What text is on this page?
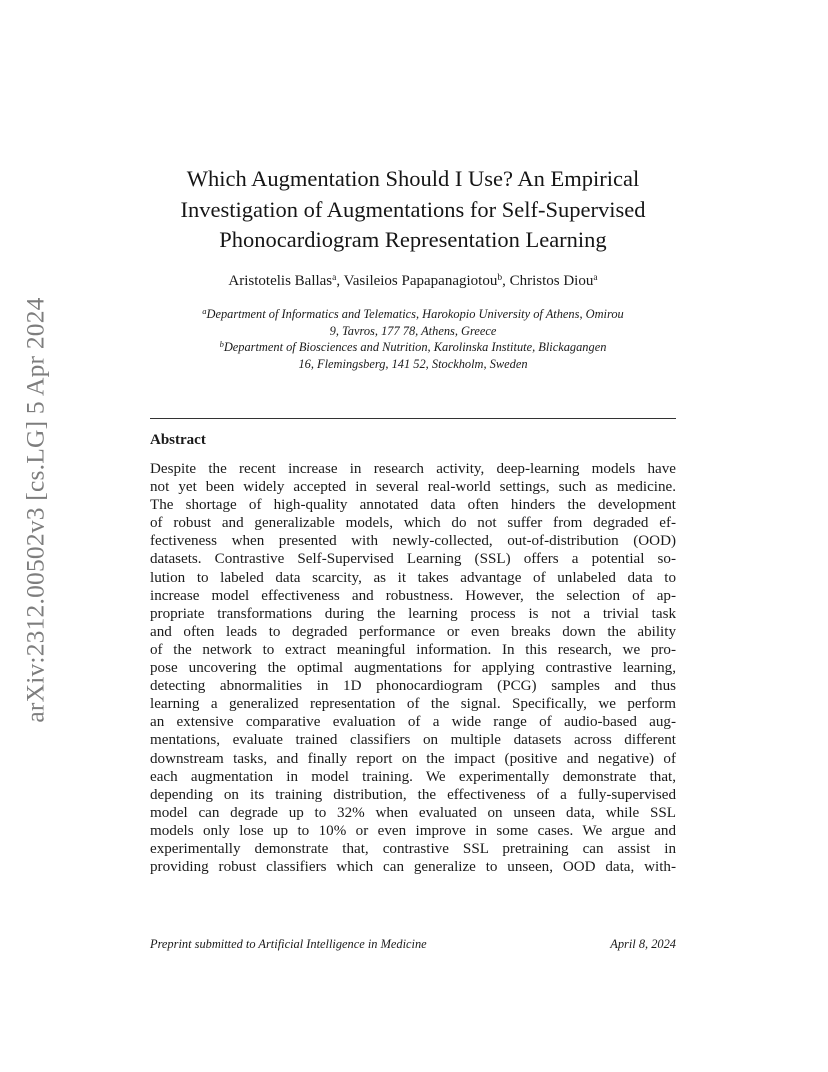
arXiv:2312.00502v3 [cs.LG] 5 Apr 2024
Which Augmentation Should I Use? An Empirical
Investigation of Augmentations for Self-Supervised
Phonocardiogram Representation Learning
Aristotelis Ballas$^a$, Vasileios Papapanagiotou$^b$, Christos Diou$^a$
$^a$Department of Informatics and Telematics, Harokopio University of Athens, Omirou
9, Tavros, 177 78, Athens, Greece
$^b$Department of Biosciences and Nutrition, Karolinska Institute, Blickagangen
16, Flemingsberg, 141 52, Stockholm, Sweden
Abstract
Despite the recent increase in research activity, deep-learning models have
not yet been widely accepted in several real-world settings, such as medicine.
The shortage of high-quality annotated data often hinders the development
of robust and generalizable models, which do not suffer from degraded ef-
fectiveness when presented with newly-collected, out-of-distribution (OOD)
datasets. Contrastive Self-Supervised Learning (SSL) offers a potential so-
lution to labeled data scarcity, as it takes advantage of unlabeled data to
increase model effectiveness and robustness. However, the selection of ap-
propriate transformations during the learning process is not a trivial task
and often leads to degraded performance or even breaks down the ability
of the network to extract meaningful information. In this research, we pro-
pose uncovering the optimal augmentations for applying contrastive learning,
detecting abnormalities in 1D phonocardiogram (PCG) samples and thus
learning a generalized representation of the signal. Specifically, we perform
an extensive comparative evaluation of a wide range of audio-based aug-
mentations, evaluate trained classifiers on multiple datasets across different
downstream tasks, and finally report on the impact (positive and negative) of
each augmentation in model training. We experimentally demonstrate that,
depending on its training distribution, the effectiveness of a fully-supervised
model can degrade up to 32% when evaluated on unseen data, while SSL
models only lose up to 10% or even improve in some cases. We argue and
experimentally demonstrate that, contrastive SSL pretraining can assist in
providing robust classifiers which can generalize to unseen, OOD data, with-
Preprint submitted to Artificial Intelligence in Medicine	April 8, 2024
